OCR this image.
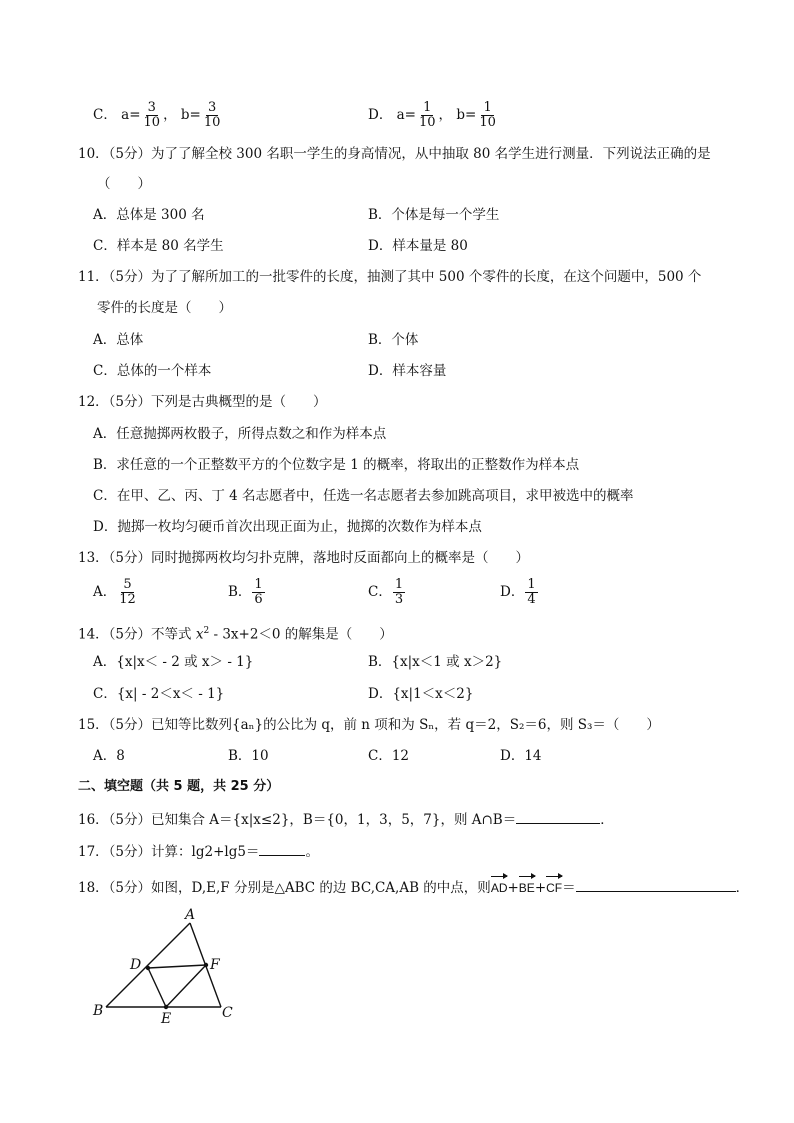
C． $a= \frac{3}{10}$ ， $b= \frac{3}{10}$	D． $a= \frac{1}{10}$ ， $b= \frac{1}{10}$
10．（5分）为了了解全校 300 名职一学生的身高情况，从中抽取 80 名学生进行测量．下列说法正确的是
（　　）
A．总体是 300 名	B．个体是每一个学生
C．样本是 80 名学生	D．样本量是 80
11．（5分）为了了解所加工的一批零件的长度，抽测了其中 500 个零件的长度，在这个问题中，500 个
零件的长度是（　　）
A．总体	B．个体
C．总体的一个样本	D．样本容量
12．（5分）下列是古典概型的是（　　）
A．任意抛掷两枚骰子，所得点数之和作为样本点
B．求任意的一个正整数平方的个位数字是 1 的概率，将取出的正整数作为样本点
C．在甲、乙、丙、丁 4 名志愿者中，任选一名志愿者去参加跳高项目，求甲被选中的概率
D．抛掷一枚均匀硬币首次出现正面为止，抛掷的次数作为样本点
13．（5分）同时抛掷两枚均匀扑克牌，落地时反面都向上的概率是（　　）
A． $\frac{5}{12}$	B． $\frac{1}{6}$	C． $\frac{1}{3}$	D． $\frac{1}{4}$
14．（5分）不等式 $x^2 - 3x+2<0$ 的解集是（　　）
A．{x|x＜ - 2 或 x＞ - 1}	B．{x|x＜1 或 x＞2}
C．{x| - 2＜x＜ - 1}	D．{x|1＜x＜2}
15．（5分）已知等比数列{aₙ}的公比为 q，前 n 项和为 Sₙ，若 q＝2，S₂＝6，则 S₃＝（　　）
A．8	B．10	C．12	D．14
二、填空题（共 5 题，共 25 分）
16．（5分）已知集合 A＝{x|x≤2}，B＝{0，1，3，5，7}，则 A∩B＝	．
17．（5分）计算：lg2+lg5＝	。
18．（5分）如图，D,E,F 分别是△ABC 的边 BC,CA,AB 的中点，则AD+BE+CF＝	．
A
B	C
D
E
F
